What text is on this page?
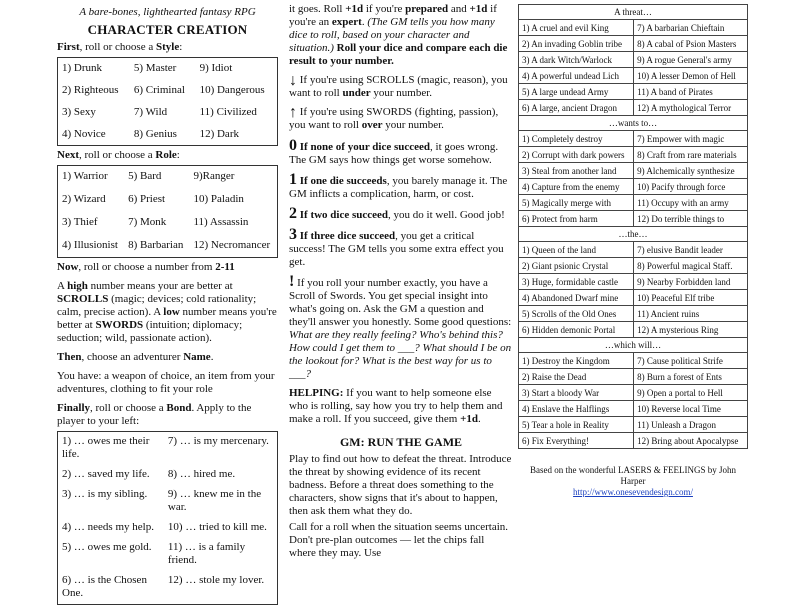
A bare-bones, lighthearted fantasy RPG
CHARACTER CREATION
First, roll or choose a Style:
1) Drunk	5) Master	9) Idiot
2) Righteous	6) Criminal	10) Dangerous
3) Sexy	7) Wild	11) Civilized
4) Novice	8) Genius	12) Dark
Next, roll or choose a Role:
1) Warrior	5) Bard	9)Ranger
2) Wizard	6) Priest	10) Paladin
3) Thief	7) Monk	11) Assassin
4) Illusionist	8) Barbarian	12) Necromancer
Now, roll or choose a number from 2-11
A high number means your are better at SCROLLS (magic; devices; cold rationality; calm, precise action). A low number means you're better at SWORDS (intuition; diplomacy; seduction; wild, passionate action).
Then, choose an adventurer Name.
You have: a weapon of choice, an item from your adventures, clothing to fit your role
Finally, roll or choose a Bond. Apply to the player to your left:
1) … owes me their life.	7) … is my mercenary.
2) … saved my life.	8) … hired me.
3) … is my sibling.	9) … knew me in the war.
4) … needs my help.	10) … tried to kill me.
5) … owes me gold.	11) … is a family friend.
6) … is the Chosen One.	12) … stole my lover.
it goes. Roll +1d if you're prepared and +1d if you're an expert. (The GM tells you how many dice to roll, based on your character and situation.) Roll your dice and compare each die result to your number.
↓ If you're using SCROLLS (magic, reason), you want to roll under your number.
↑ If you're using SWORDS (fighting, passion), you want to roll over your number.
0 If none of your dice succeed, it goes wrong. The GM says how things get worse somehow.
1 If one die succeeds, you barely manage it. The GM inflicts a complication, harm, or cost.
2 If two dice succeed, you do it well. Good job!
3 If three dice succeed, you get a critical success! The GM tells you some extra effect you get.
! If you roll your number exactly, you have a Scroll of Swords. You get special insight into what's going on. Ask the GM a question and they'll answer you honestly. Some good questions: What are they really feeling? Who's behind this? How could I get them to ___? What should I be on the lookout for? What is the best way for us to ___?
HELPING: If you want to help someone else who is rolling, say how you try to help them and make a roll. If you succeed, give them +1d.
GM: RUN THE GAME
Play to find out how to defeat the threat. Introduce the threat by showing evidence of its recent badness. Before a threat does something to the characters, show signs that it's about to happen, then ask them what they do.
Call for a roll when the situation seems uncertain. Don't pre-plan outcomes — let the chips fall where they may. Use
A threat…	
1) A cruel and evil King	7) A barbarian Chieftain
2) An invading Goblin tribe	8) A cabal of Psion Masters
3) A dark Witch/Warlock	9) A rogue General's army
4) A powerful undead Lich	10) A lesser Demon of Hell
5) A large undead Army	11) A band of Pirates
6) A large, ancient Dragon	12) A mythological Terror
…wants to…	
1) Completely destroy	7) Empower with magic
2) Corrupt with dark powers	8) Craft from rare materials
3) Steal from another land	9) Alchemically synthesize
4) Capture from the enemy	10) Pacify through force
5) Magically merge with	11) Occupy with an army
6) Protect from harm	12) Do terrible things to
…the…	
1) Queen of the land	7) elusive Bandit leader
2) Giant psionic Crystal	8) Powerful magical Staff.
3) Huge, formidable castle	9) Nearby Forbidden land
4) Abandoned Dwarf mine	10) Peaceful Elf tribe
5) Scrolls of the Old Ones	11) Ancient ruins
6) Hidden demonic Portal	12) A mysterious Ring
…which will…	
1) Destroy the Kingdom	7) Cause political Strife
2) Raise the Dead	8) Burn a forest of Ents
3) Start a bloody War	9) Open a portal to Hell
4) Enslave the Halflings	10) Reverse local Time
5) Tear a hole in Reality	11) Unleash a Dragon
6) Fix Everything!	12) Bring about Apocalypse
Based on the wonderful LASERS & FEELINGS by John Harper
http://www.onesevendesign.com/
